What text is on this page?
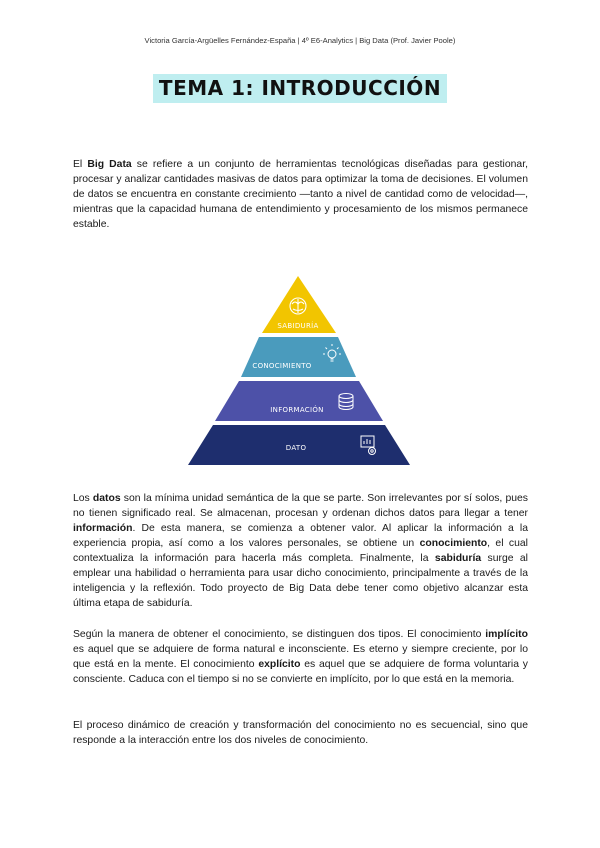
Victoria García-Argüelles Fernández-España | 4º E6-Analytics | Big Data (Prof. Javier Poole)
TEMA 1: INTRODUCCIÓN

El Big Data se refiere a un conjunto de herramientas tecnológicas diseñadas para gestionar, procesar y analizar cantidades masivas de datos para optimizar la toma de decisiones. El volumen de datos se encuentra en constante crecimiento —tanto a nivel de cantidad como de velocidad—, mientras que la capacidad humana de entendimiento y procesamiento de los mismos permanece estable.

SABIDURÍA
CONOCIMIENTO
INFORMACIÓN
DATO

Los datos son la mínima unidad semántica de la que se parte. Son irrelevantes por sí solos, pues no tienen significado real. Se almacenan, procesan y ordenan dichos datos para llegar a tener información. De esta manera, se comienza a obtener valor. Al aplicar la información a la experiencia propia, así como a los valores personales, se obtiene un conocimiento, el cual contextualiza la información para hacerla más completa. Finalmente, la sabiduría surge al emplear una habilidad o herramienta para usar dicho conocimiento, principalmente a través de la inteligencia y la reflexión. Todo proyecto de Big Data debe tener como objetivo alcanzar esta última etapa de sabiduría.

Según la manera de obtener el conocimiento, se distinguen dos tipos. El conocimiento implícito es aquel que se adquiere de forma natural e inconsciente. Es eterno y siempre creciente, por lo que está en la mente. El conocimiento explícito es aquel que se adquiere de forma voluntaria y consciente. Caduca con el tiempo si no se convierte en implícito, por lo que está en la memoria.

El proceso dinámico de creación y transformación del conocimiento no es secuencial, sino que responde a la interacción entre los dos niveles de conocimiento.
